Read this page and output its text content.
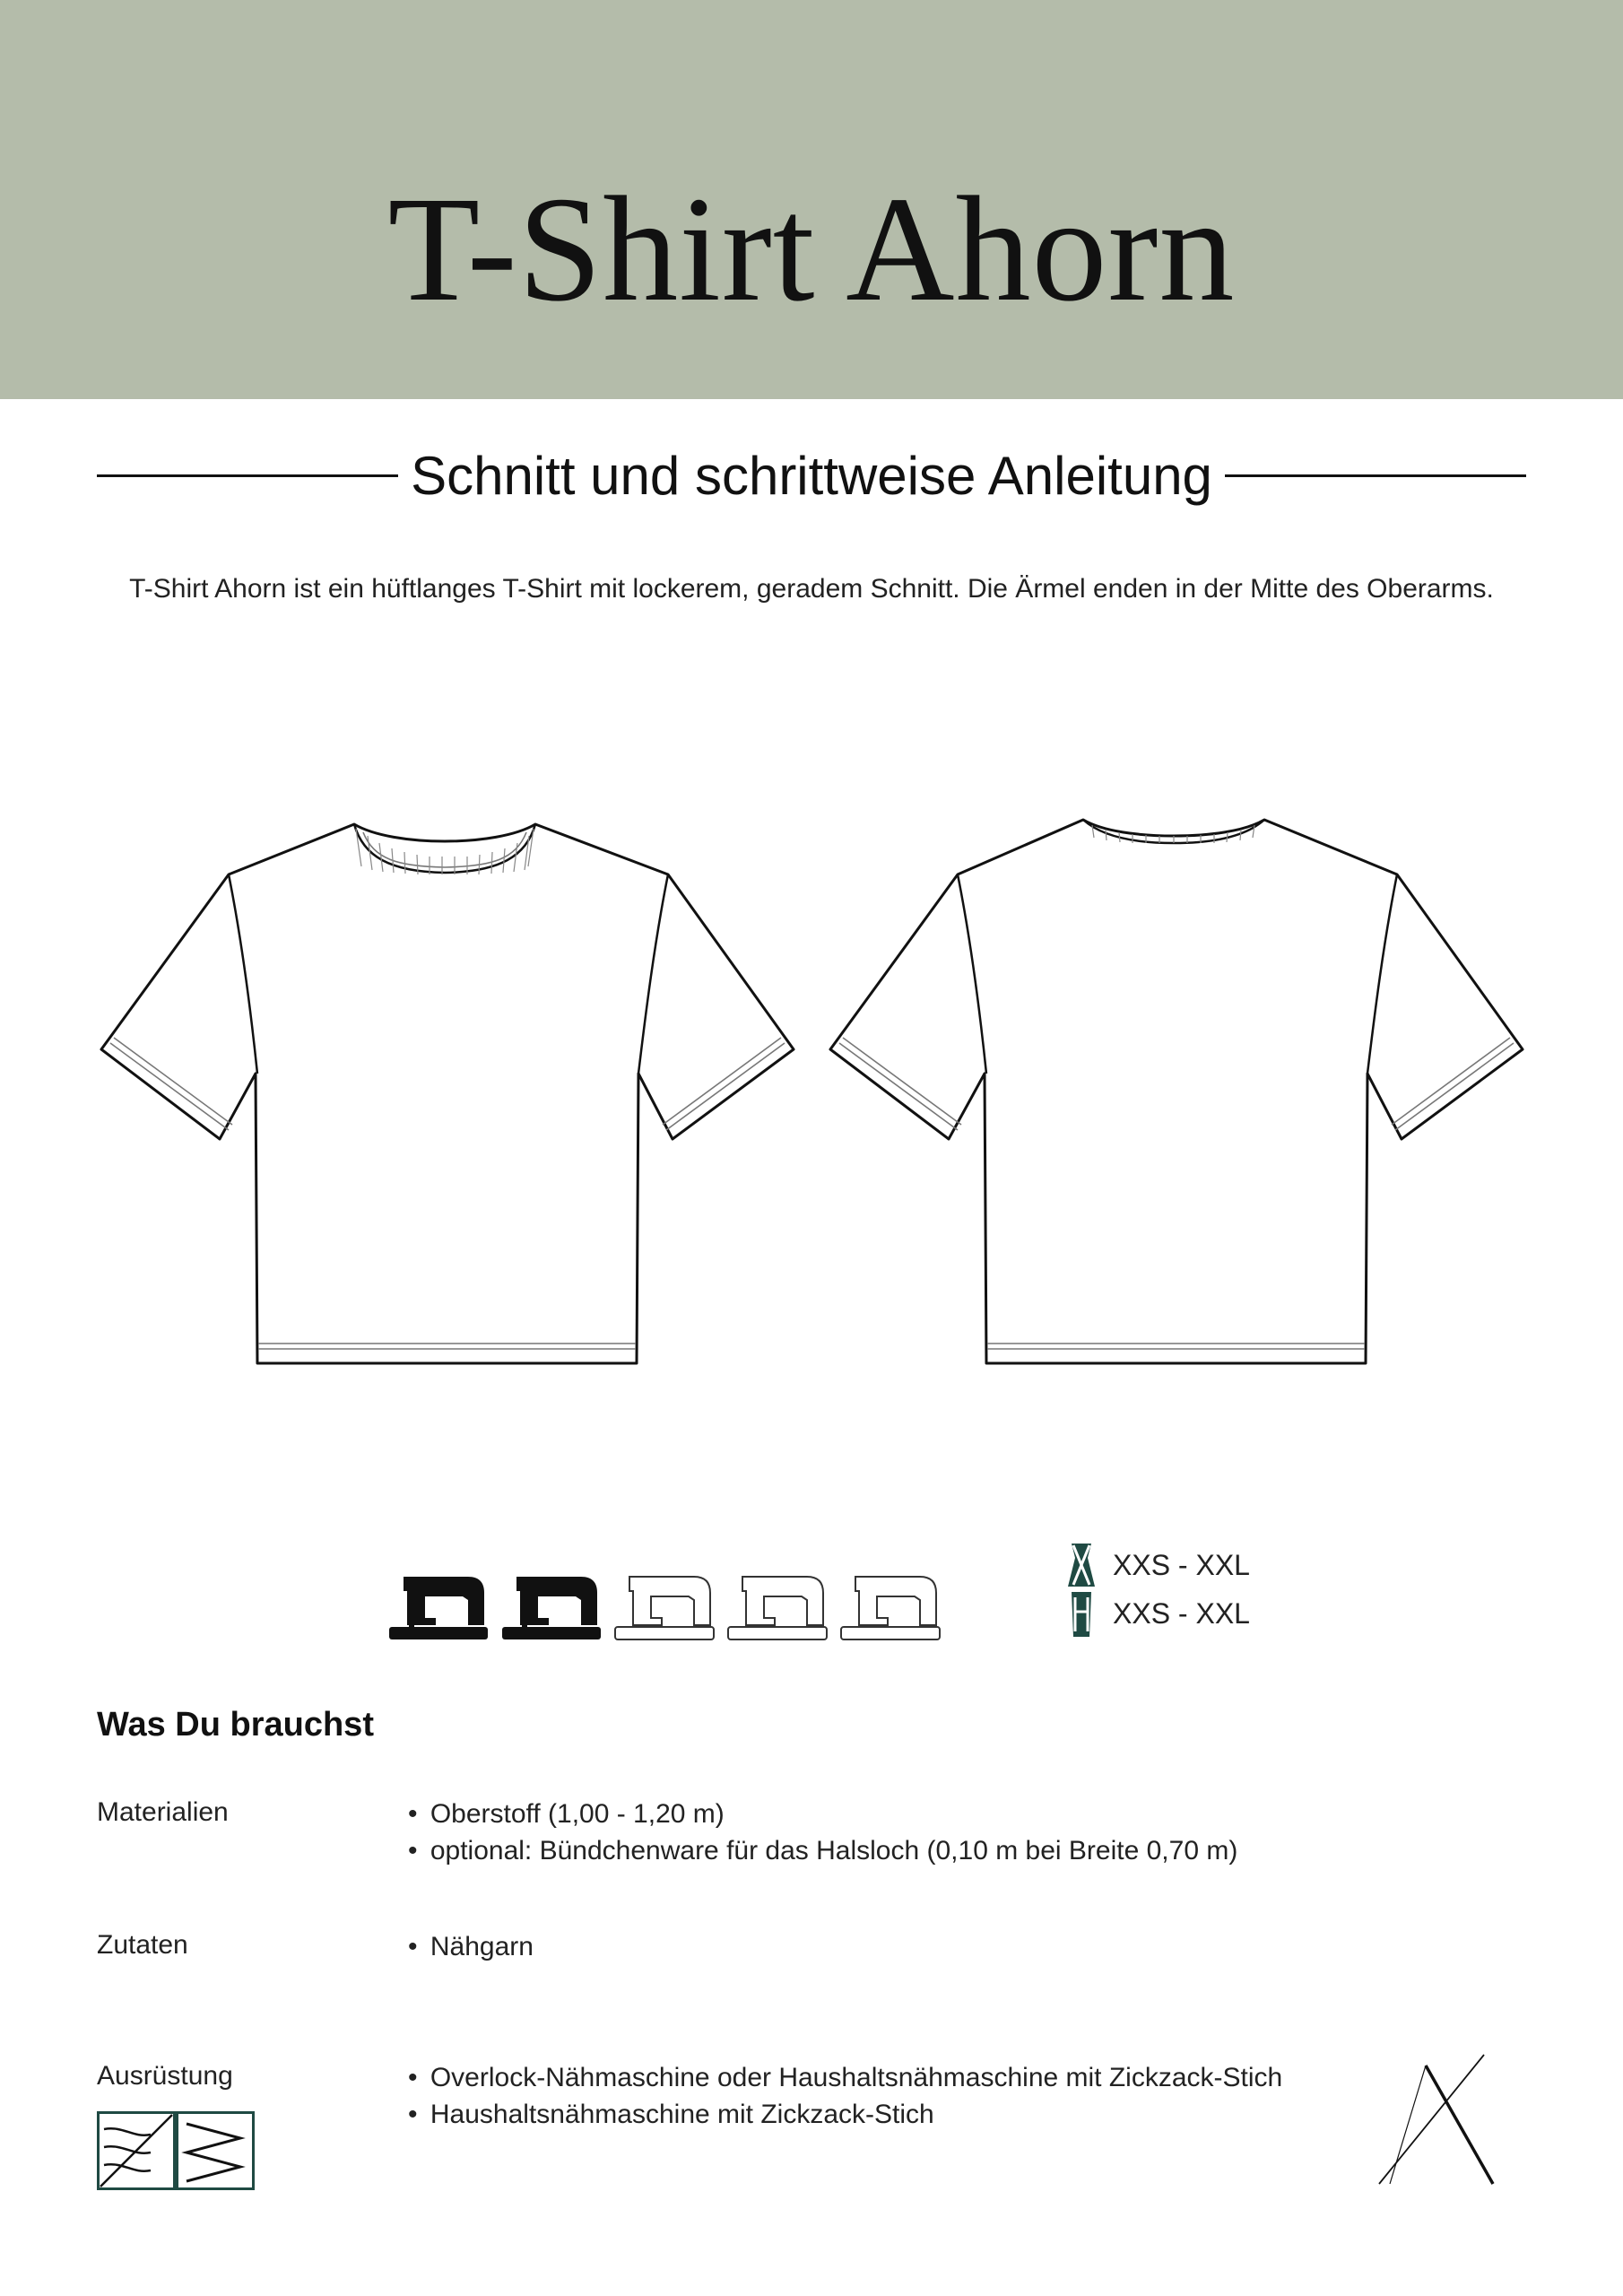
T-Shirt Ahorn
Schnitt und schrittweise Anleitung
T-Shirt Ahorn ist ein hüftlanges T-Shirt mit lockerem, geradem Schnitt. Die Ärmel enden in der Mitte des Oberarms.
XXS - XXL
XXS - XXL
Was Du brauchst
Materialien	• Oberstoff (1,00 - 1,20 m)
• optional: Bündchenware für das Halsloch (0,10 m bei Breite 0,70 m)
Zutaten	• Nähgarn
Ausrüstung	• Overlock-Nähmaschine oder Haushaltsnähmaschine mit Zickzack-Stich
• Haushaltsnähmaschine mit Zickzack-Stich
